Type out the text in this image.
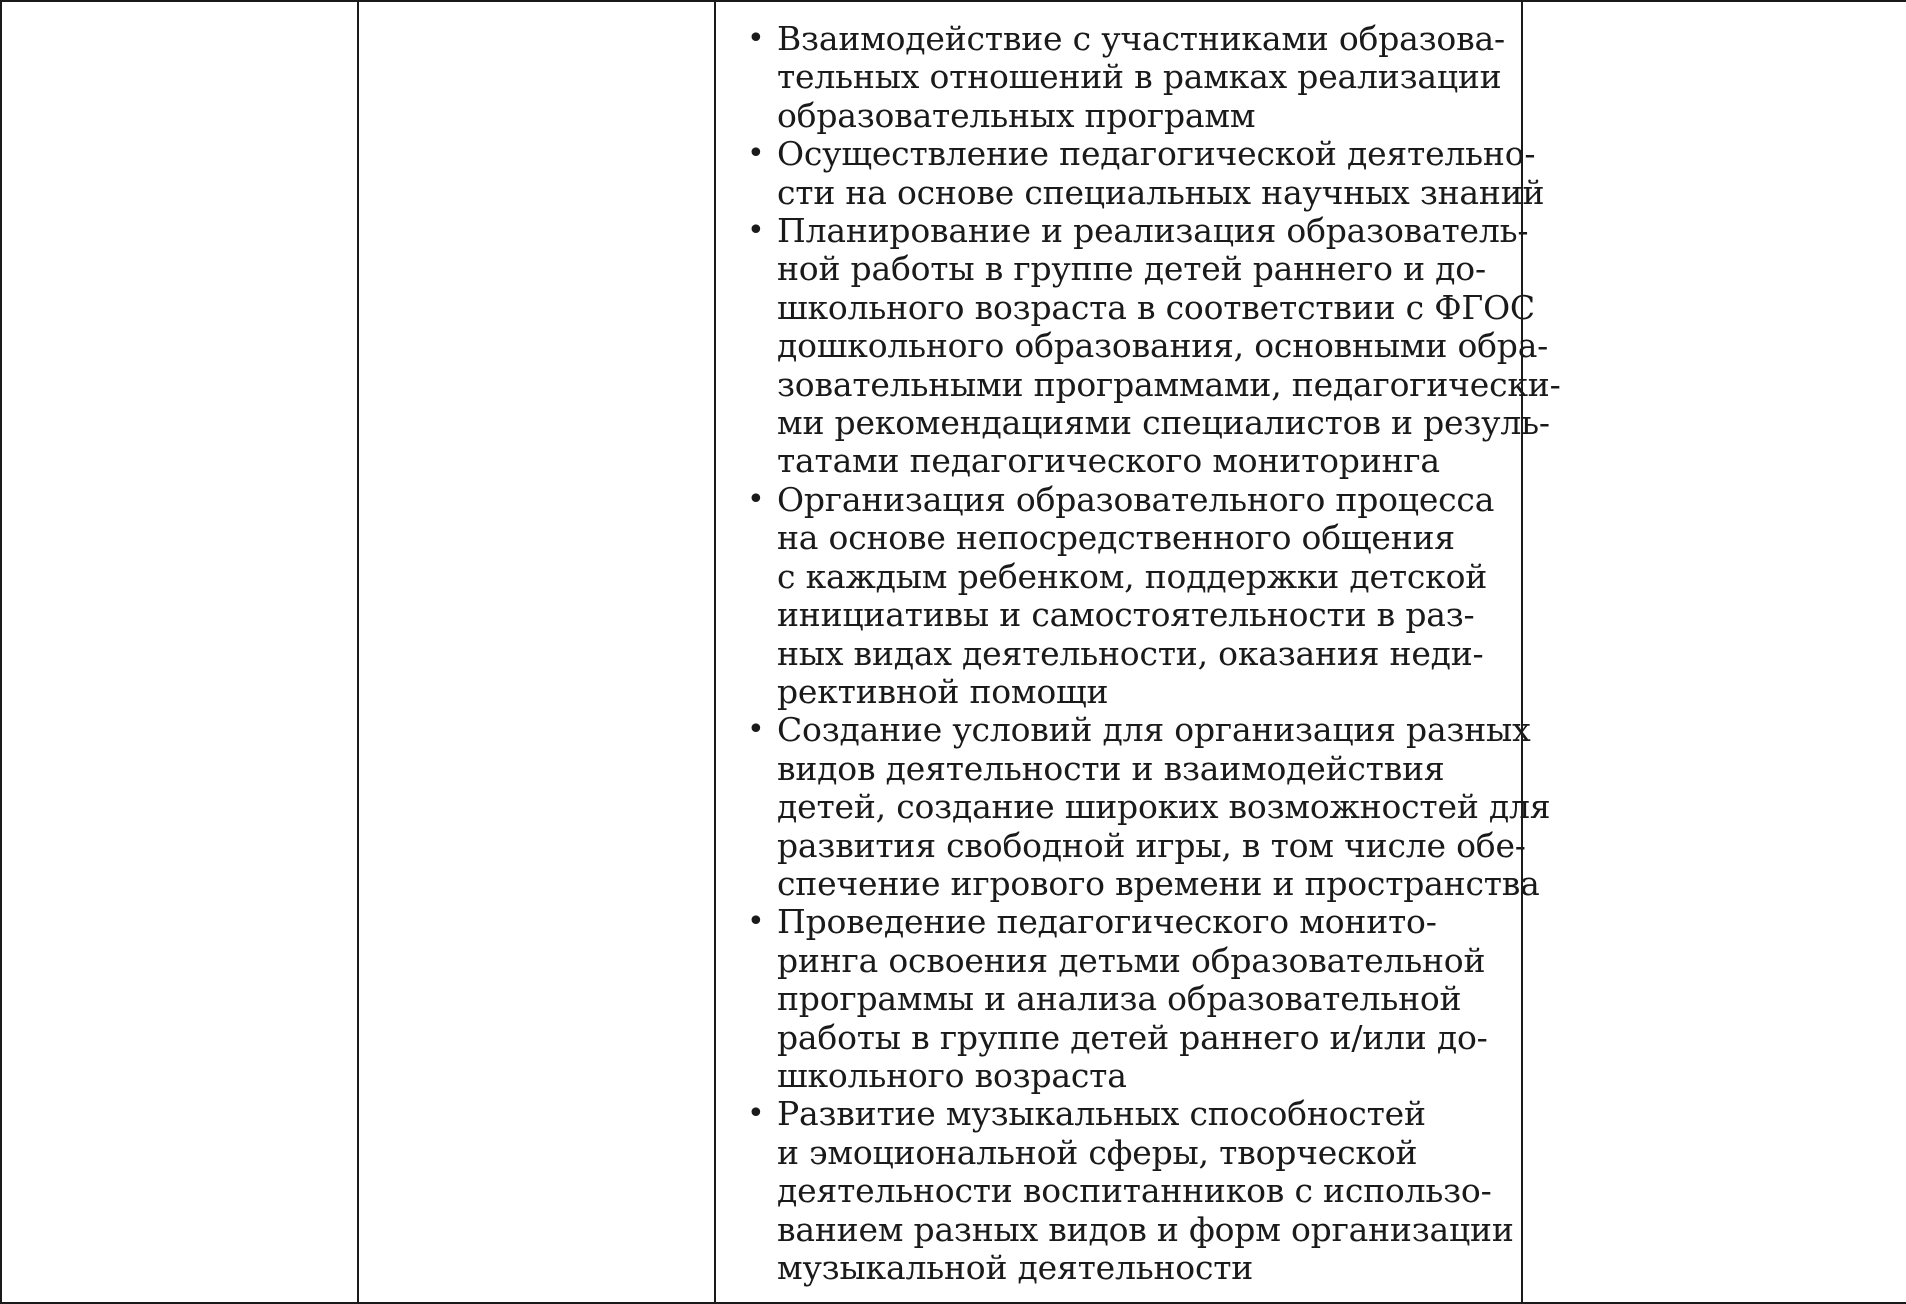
• Взаимодействие с участниками образова-
тельных отношений в рамках реализации
образовательных программ
• Осуществление педагогической деятельно-
сти на основе специальных научных знаний
• Планирование и реализация образователь-
ной работы в группе детей раннего и до-
школьного возраста в соответствии с ФГОС
дошкольного образования, основными обра-
зовательными программами, педагогически-
ми рекомендациями специалистов и резуль-
татами педагогического мониторинга
• Организация образовательного процесса
на основе непосредственного общения
с каждым ребенком, поддержки детской
инициативы и самостоятельности в раз-
ных видах деятельности, оказания неди-
рективной помощи
• Создание условий для организация разных
видов деятельности и взаимодействия
детей, создание широких возможностей для
развития свободной игры, в том числе обе-
спечение игрового времени и пространства
• Проведение педагогического монито-
ринга освоения детьми образовательной
программы и анализа образовательной
работы в группе детей раннего и/или до-
школьного возраста
• Развитие музыкальных способностей
и эмоциональной сферы, творческой
деятельности воспитанников с использо-
ванием разных видов и форм организации
музыкальной деятельности
